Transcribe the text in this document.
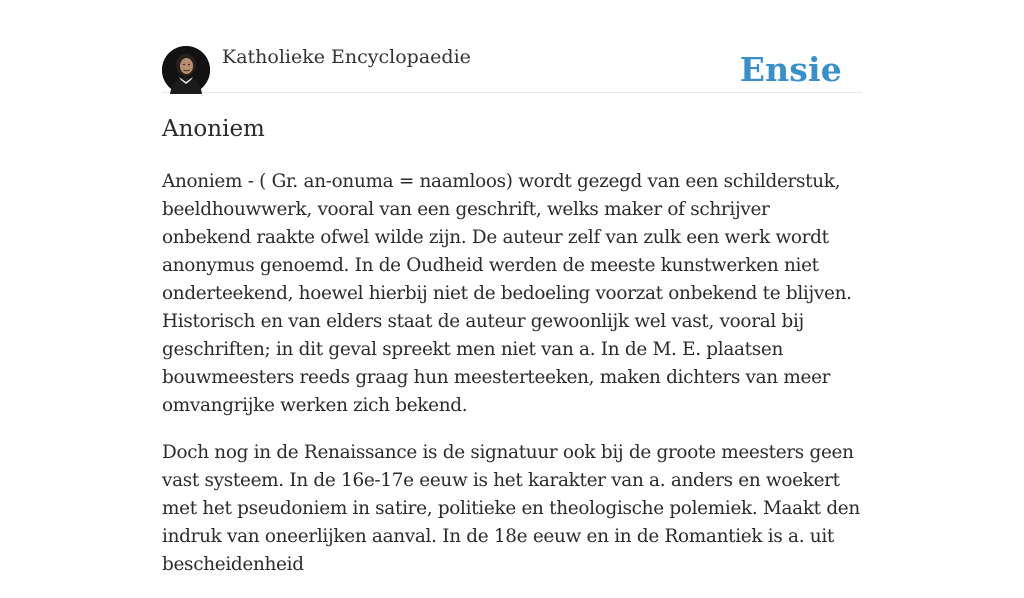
Katholieke Encyclopaedie	Ensie
Anoniem

Anoniem - ( Gr. an-onuma = naamloos) wordt gezegd van een schilderstuk, beeldhouwwerk, vooral van een geschrift, welks maker of schrijver onbekend raakte ofwel wilde zijn. De auteur zelf van zulk een werk wordt anonymus genoemd. In de Oudheid werden de meeste kunstwerken niet onderteekend, hoewel hierbij niet de bedoeling voorzat onbekend te blijven. Historisch en van elders staat de auteur gewoonlijk wel vast, vooral bij geschriften; in dit geval spreekt men niet van a. In de M. E. plaatsen bouwmeesters reeds graag hun meesterteeken, maken dichters van meer omvangrijke werken zich bekend.

Doch nog in de Renaissance is de signatuur ook bij de groote meesters geen vast systeem. In de 16e-17e eeuw is het karakter van a. anders en woekert met het pseudoniem in satire, politieke en theologische polemiek. Maakt den indruk van oneerlijken aanval. In de 18e eeuw en in de Romantiek is a. uit bescheidenheid
